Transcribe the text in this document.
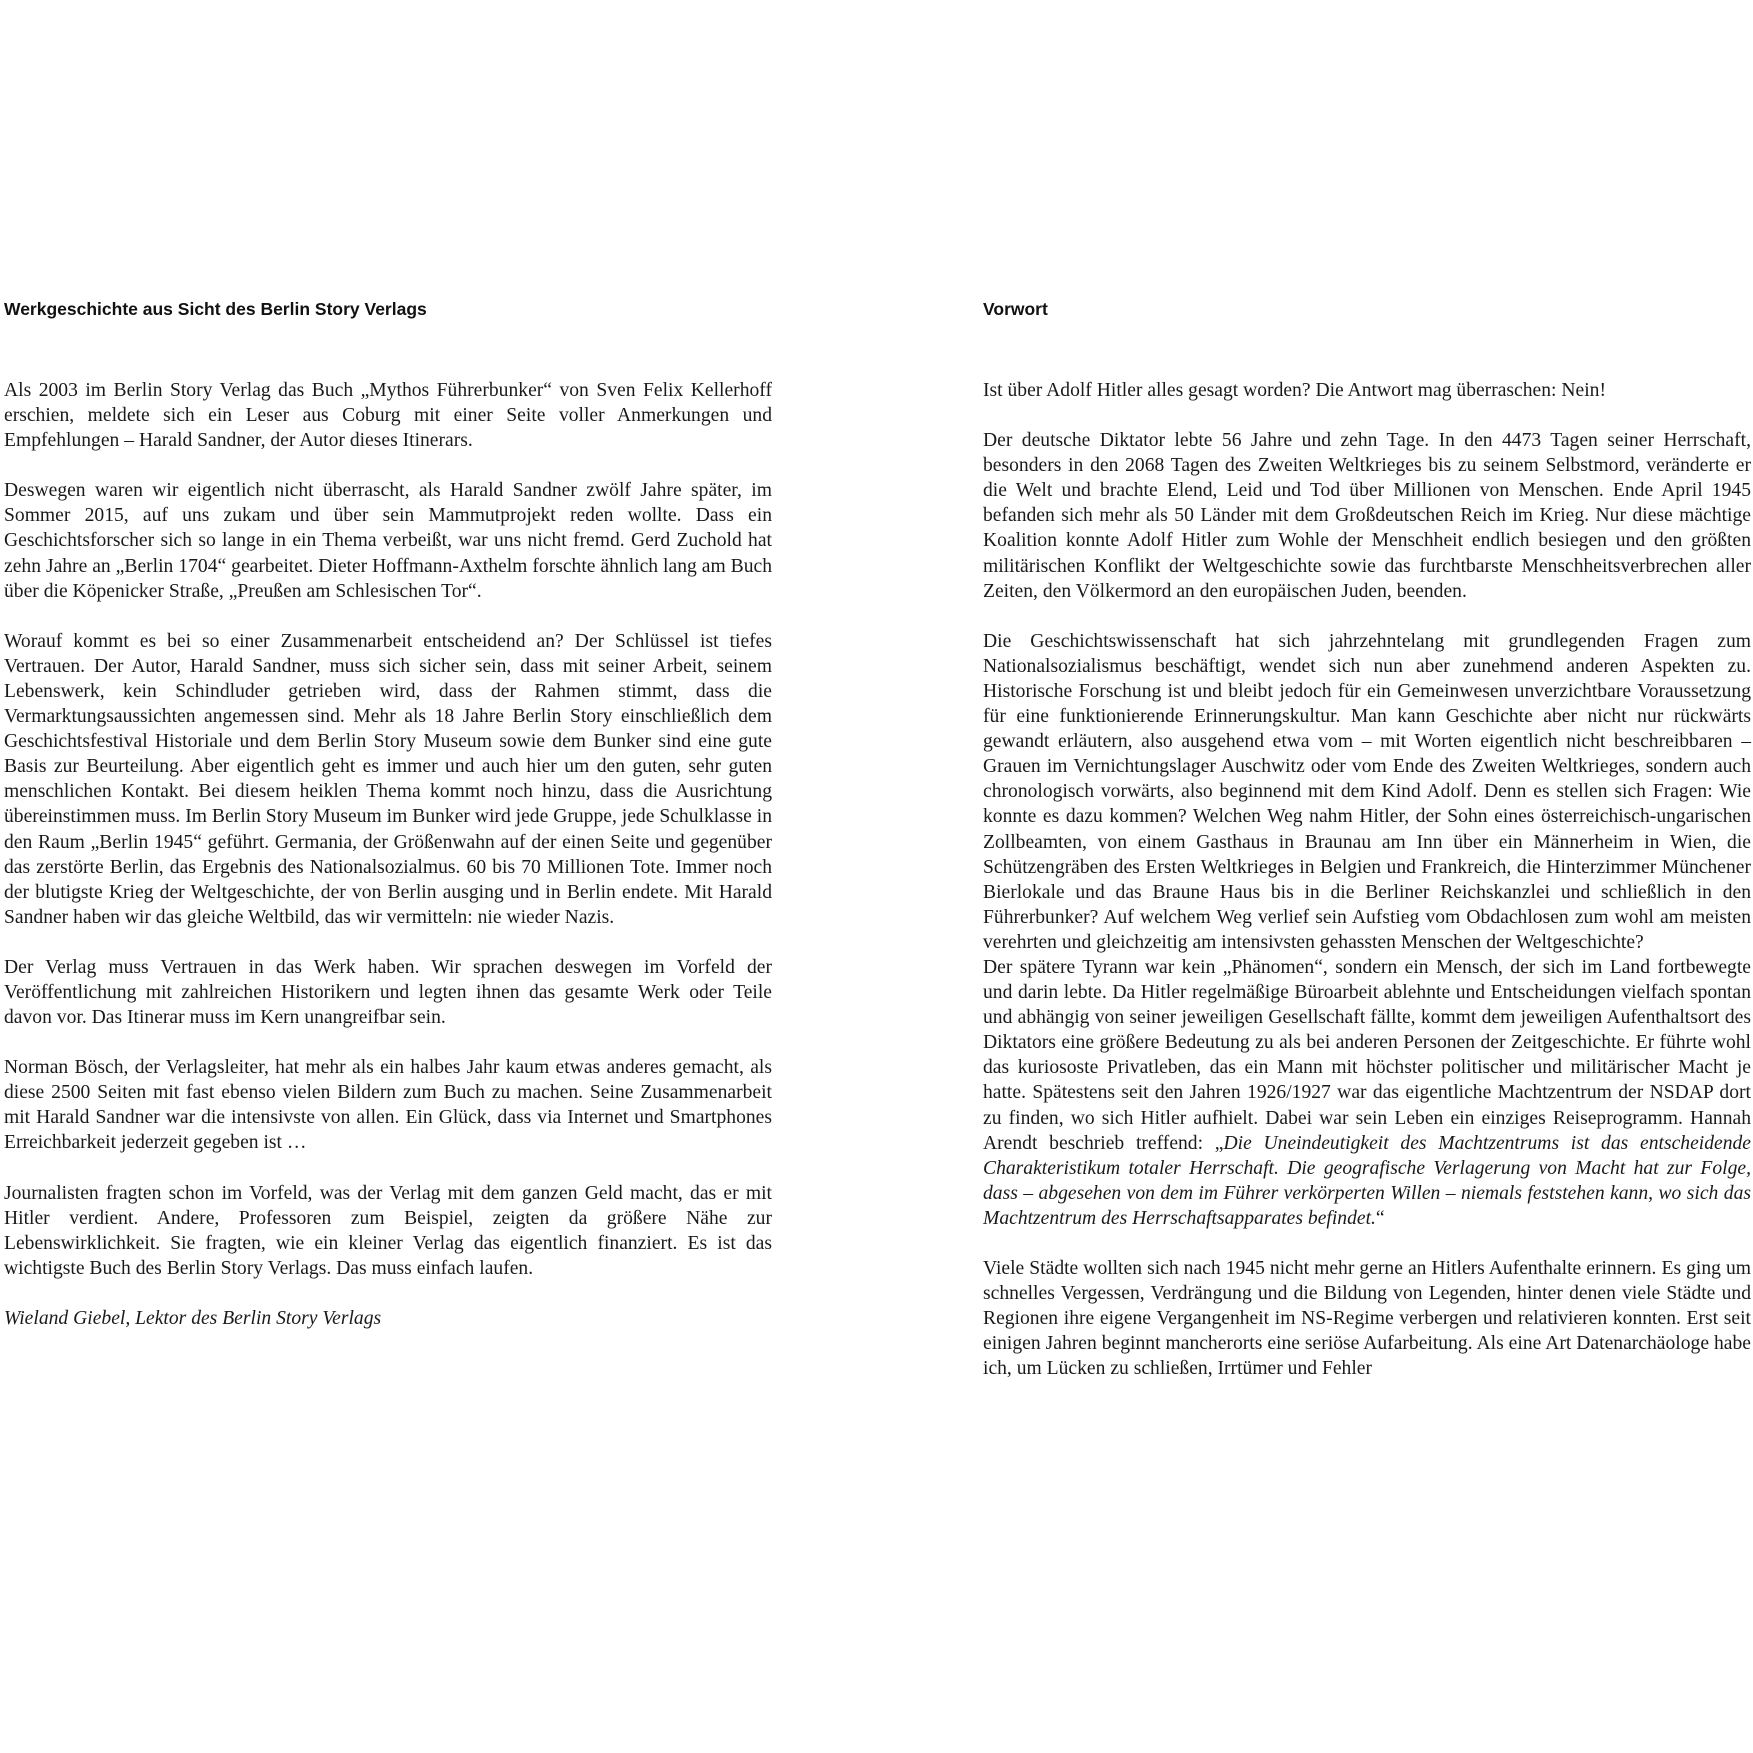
Werkgeschichte aus Sicht des Berlin Story Verlags

Als 2003 im Berlin Story Verlag das Buch „Mythos Führerbunker“ von Sven Felix Kellerhoff erschien, meldete sich ein Leser aus Coburg mit einer Seite voller Anmerkungen und Empfehlungen – Harald Sandner, der Autor dieses Itinerars.

Deswegen waren wir eigentlich nicht überrascht, als Harald Sandner zwölf Jahre später, im Sommer 2015, auf uns zukam und über sein Mammutprojekt reden wollte. Dass ein Geschichtsforscher sich so lange in ein Thema verbeißt, war uns nicht fremd. Gerd Zuchold hat zehn Jahre an „Berlin 1704“ gearbeitet. Dieter Hoffmann-Axthelm forschte ähnlich lang am Buch über die Köpenicker Straße, „Preußen am Schlesischen Tor“.

Worauf kommt es bei so einer Zusammenarbeit entscheidend an? Der Schlüssel ist tiefes Vertrauen. Der Autor, Harald Sandner, muss sich sicher sein, dass mit seiner Arbeit, seinem Lebenswerk, kein Schindluder getrieben wird, dass der Rahmen stimmt, dass die Vermarktungsaussichten angemessen sind. Mehr als 18 Jahre Berlin Story einschließlich dem Geschichtsfestival Historiale und dem Berlin Story Museum sowie dem Bunker sind eine gute Basis zur Beurteilung. Aber eigentlich geht es immer und auch hier um den guten, sehr guten menschlichen Kontakt. Bei diesem heiklen Thema kommt noch hinzu, dass die Ausrichtung übereinstimmen muss. Im Berlin Story Museum im Bunker wird jede Gruppe, jede Schulklasse in den Raum „Berlin 1945“ geführt. Germania, der Größenwahn auf der einen Seite und gegenüber das zerstörte Berlin, das Ergebnis des Nationalsozialmus. 60 bis 70 Millionen Tote. Immer noch der blutigste Krieg der Weltgeschichte, der von Berlin ausging und in Berlin endete. Mit Harald Sandner haben wir das gleiche Weltbild, das wir vermitteln: nie wieder Nazis.

Der Verlag muss Vertrauen in das Werk haben. Wir sprachen deswegen im Vorfeld der Veröffentlichung mit zahlreichen Historikern und legten ihnen das gesamte Werk oder Teile davon vor. Das Itinerar muss im Kern unangreifbar sein.

Norman Bösch, der Verlagsleiter, hat mehr als ein halbes Jahr kaum etwas anderes gemacht, als diese 2500 Seiten mit fast ebenso vielen Bildern zum Buch zu machen. Seine Zusammenarbeit mit Harald Sandner war die intensivste von allen. Ein Glück, dass via Internet und Smartphones Erreichbarkeit jederzeit gegeben ist …

Journalisten fragten schon im Vorfeld, was der Verlag mit dem ganzen Geld macht, das er mit Hitler verdient. Andere, Professoren zum Beispiel, zeigten da größere Nähe zur Lebenswirklichkeit. Sie fragten, wie ein kleiner Verlag das eigentlich finanziert. Es ist das wichtigste Buch des Berlin Story Verlags. Das muss einfach laufen.

Wieland Giebel, Lektor des Berlin Story Verlags

Vorwort

Ist über Adolf Hitler alles gesagt worden? Die Antwort mag überraschen: Nein!

Der deutsche Diktator lebte 56 Jahre und zehn Tage. In den 4473 Tagen seiner Herrschaft, besonders in den 2068 Tagen des Zweiten Weltkrieges bis zu seinem Selbstmord, veränderte er die Welt und brachte Elend, Leid und Tod über Millionen von Menschen. Ende April 1945 befanden sich mehr als 50 Länder mit dem Großdeutschen Reich im Krieg. Nur diese mächtige Koalition konnte Adolf Hitler zum Wohle der Menschheit endlich besiegen und den größten militärischen Konflikt der Weltgeschichte sowie das furchtbarste Menschheitsverbrechen aller Zeiten, den Völkermord an den europäischen Juden, beenden.

Die Geschichtswissenschaft hat sich jahrzehntelang mit grundlegenden Fragen zum Nationalsozialismus beschäftigt, wendet sich nun aber zunehmend anderen Aspekten zu. Historische Forschung ist und bleibt jedoch für ein Gemeinwesen unverzichtbare Voraussetzung für eine funktionierende Erinnerungskultur. Man kann Geschichte aber nicht nur rückwärts gewandt erläutern, also ausgehend etwa vom – mit Worten eigentlich nicht beschreibbaren – Grauen im Vernichtungslager Auschwitz oder vom Ende des Zweiten Weltkrieges, sondern auch chronologisch vorwärts, also beginnend mit dem Kind Adolf. Denn es stellen sich Fragen: Wie konnte es dazu kommen? Welchen Weg nahm Hitler, der Sohn eines österreichisch-ungarischen Zollbeamten, von einem Gasthaus in Braunau am Inn über ein Männerheim in Wien, die Schützengräben des Ersten Weltkrieges in Belgien und Frankreich, die Hinterzimmer Münchener Bierlokale und das Braune Haus bis in die Berliner Reichskanzlei und schließlich in den Führerbunker? Auf welchem Weg verlief sein Aufstieg vom Obdachlosen zum wohl am meisten verehrten und gleichzeitig am intensivsten gehassten Menschen der Weltgeschichte?

Der spätere Tyrann war kein „Phänomen“, sondern ein Mensch, der sich im Land fortbewegte und darin lebte. Da Hitler regelmäßige Büroarbeit ablehnte und Entscheidungen vielfach spontan und abhängig von seiner jeweiligen Gesellschaft fällte, kommt dem jeweiligen Aufenthaltsort des Diktators eine größere Bedeutung zu als bei anderen Personen der Zeitgeschichte. Er führte wohl das kuriososte Privatleben, das ein Mann mit höchster politischer und militärischer Macht je hatte. Spätestens seit den Jahren 1926/1927 war das eigentliche Machtzentrum der NSDAP dort zu finden, wo sich Hitler aufhielt. Dabei war sein Leben ein einziges Reiseprogramm. Hannah Arendt beschrieb treffend: „Die Uneindeutigkeit des Machtzentrums ist das entscheidende Charakteristikum totaler Herrschaft. Die geografische Verlagerung von Macht hat zur Folge, dass – abgesehen von dem im Führer verkörperten Willen – niemals feststehen kann, wo sich das Machtzentrum des Herrschaftsapparates befindet.“

Viele Städte wollten sich nach 1945 nicht mehr gerne an Hitlers Aufenthalte erinnern. Es ging um schnelles Vergessen, Verdrängung und die Bildung von Legenden, hinter denen viele Städte und Regionen ihre eigene Vergangenheit im NS-Regime verbergen und relativieren konnten. Erst seit einigen Jahren beginnt mancherorts eine seriöse Aufarbeitung. Als eine Art Datenarchäologe habe ich, um Lücken zu schließen, Irrtümer und Fehler
